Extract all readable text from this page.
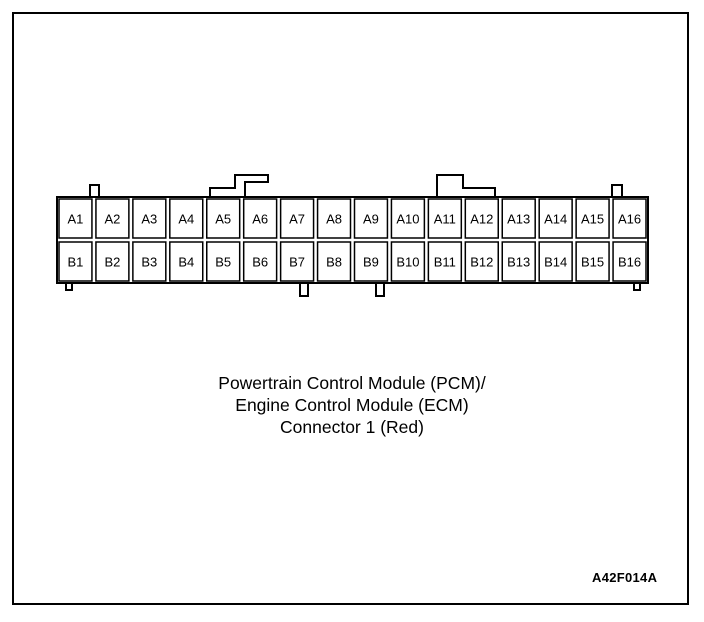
A1 A2 A3 A4 A5 A6 A7 A8 A9 A10 A11 A12 A13 A14 A15 A16
B1 B2 B3 B4 B5 B6 B7 B8 B9 B10 B11 B12 B13 B14 B15 B16
Powertrain Control Module (PCM)/
Engine Control Module (ECM)
Connector 1 (Red)
A42F014A
